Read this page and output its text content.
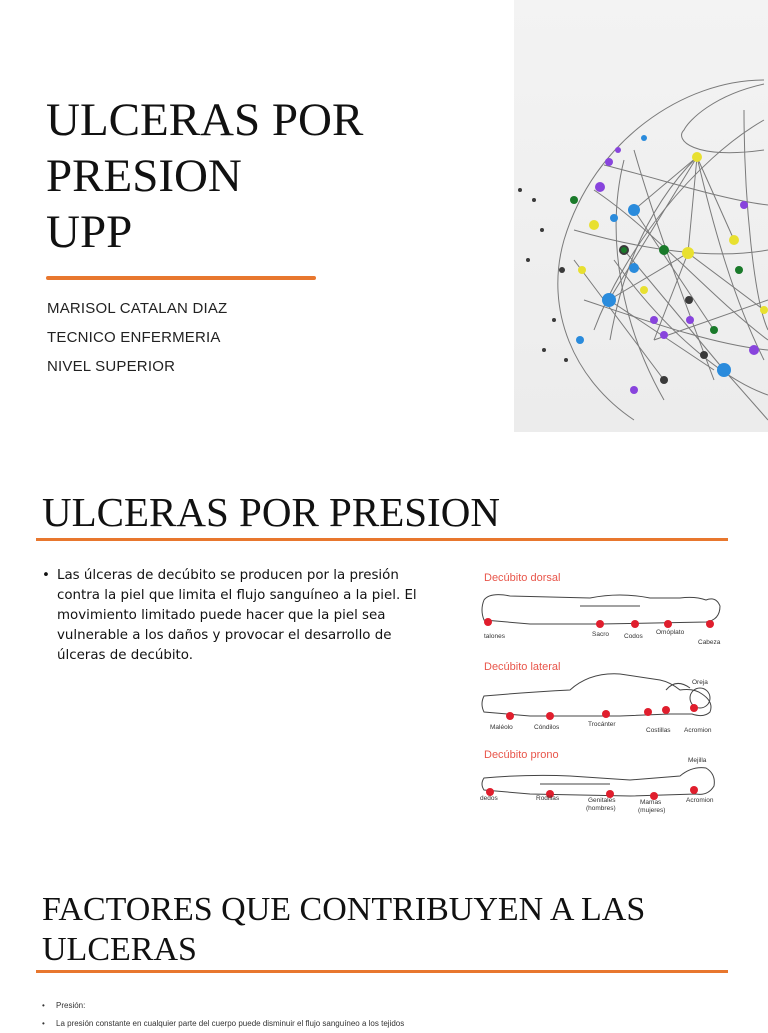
ULCERAS POR
PRESION
UPP
MARISOL CATALAN DIAZ
TECNICO ENFERMERIA
NIVEL SUPERIOR
ULCERAS POR PRESION
• Las úlceras de decúbito se producen por la presión contra la piel que limita el flujo sanguíneo a la piel. El movimiento limitado puede hacer que la piel sea vulnerable a los daños y provocar el desarrollo de úlceras de decúbito.
Decúbito dorsal
talones	Sacro Codos
Omóplato
Cabeza
Decúbito lateral
Oreja
Maléolo	Cóndilos	Trocánter
Costillas Acromion
Decúbito prono	Mejilla
dedos	Rodillas	Genitales
(hombres)
Mamas
(mujeres)
Acromion
FACTORES QUE CONTRIBUYEN A LAS ULCERAS
• Presión:
• La presión constante en cualquier parte del cuerpo puede disminuir el flujo sanguíneo a los tejidos
